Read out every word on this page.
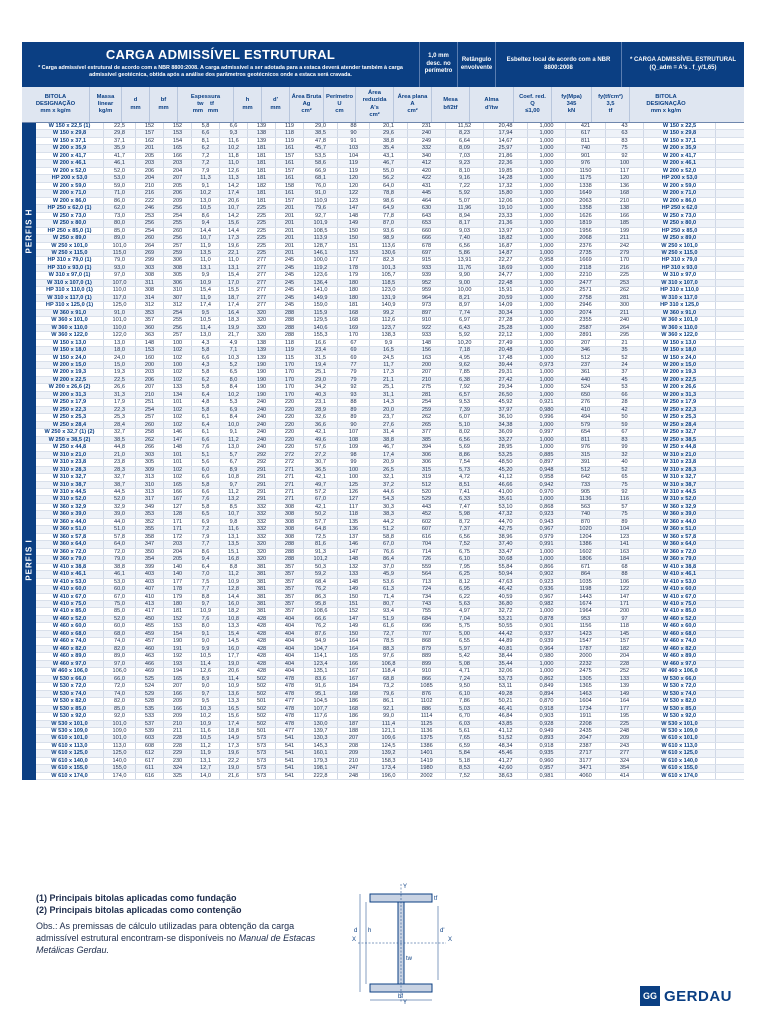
CARGA ADMISSÍVEL ESTRUTURAL
* Carga admissível estrutural de acordo com a NBR 8800:2008. A carga admissível a ser adotada para a estaca deverá atender também à carga admissível geotécnica, obtida após a análise dos parâmetros geotécnicos onde a estaca será cravada.
1,0 mm desc. no perímetro
Retângulo envolvente
Esbeltez local de acordo com a NBR 8800:2008
* CARGA ADMISSÍVEL ESTRUTURAL (Q_adm = A's . f_y/1,65)
BITOLA
DESIGNAÇÃO
mm x kg/m
Massa linear
kg/m
d
mm
bf
mm
Espessura
tw tf
mm mm
h
mm
d'
mm
Área Bruta
Ag
cm²
Perímetro
U
cm
Área reduzida
A's
cm²
Área plana
A
cm²
Mesa
bf/2tf
Alma
d'/tw
Coef. red.
Q
≤1,00
fy(Mpa)
345
kN
fy(tf/cm²)
3,5
tf
BITOLA
DESIGNAÇÃO
mm x kg/m
PERFIS H
W 150 x 22,5 (1)	22,5	152	152	5,8	6,6	139	119	29,0	88	20,1	231	11,52	20,48	1,000	421	43	W 150 x 22,5
W 150 x 29,8	29,8	157	153	6,6	9,3	138	118	38,5	90	29,6	240	8,23	17,94	1,000	617	63	W 150 x 29,8
W 150 x 37,1	37,1	162	154	8,1	11,6	139	119	47,8	91	38,8	249	6,64	14,67	1,000	811	83	W 150 x 37,1
W 200 x 35,9	35,9	201	165	6,2	10,2	181	161	45,7	103	35,4	332	8,09	25,97	1,000	740	75	W 200 x 35,9
W 200 x 41,7	41,7	205	166	7,2	11,8	181	157	53,5	104	43,1	340	7,03	21,86	1,000	901	92	W 200 x 41,7
W 200 x 46,1	46,1	203	203	7,2	11,0	181	161	58,6	119	46,7	412	9,23	22,36	1,000	976	100	W 200 x 46,1
W 200 x 52,0	52,0	206	204	7,9	12,6	181	157	66,9	119	55,0	420	8,10	19,85	1,000	1150	117	W 200 x 52,0
HP 200 x 53,0	53,0	204	207	11,3	11,3	181	161	68,1	120	56,2	422	9,16	14,28	1,000	1175	120	HP 200 x 53,0
W 200 x 59,0	59,0	210	205	9,1	14,2	182	158	76,0	120	64,0	431	7,22	17,32	1,000	1338	136	W 200 x 59,0
W 200 x 71,0	71,0	216	206	10,2	17,4	181	161	91,0	122	78,8	445	5,92	15,80	1,000	1649	168	W 200 x 71,0
W 200 x 86,0	86,0	222	209	13,0	20,6	181	157	110,9	123	98,6	464	5,07	12,06	1,000	2063	210	W 200 x 86,0
HP 250 x 62,0 (1)	62,0	246	256	10,5	10,7	225	201	79,6	147	64,9	630	11,96	19,10	1,000	1358	138	HP 250 x 62,0
W 250 x 73,0	73,0	253	254	8,6	14,2	225	201	92,7	148	77,8	643	8,94	23,33	1,000	1626	166	W 250 x 73,0
W 250 x 80,0	80,0	256	255	9,4	15,6	225	201	101,9	149	87,0	653	8,17	21,36	1,000	1819	185	W 250 x 80,0
HP 250 x 85,0 (1)	85,0	254	260	14,4	14,4	225	201	108,5	150	93,6	660	9,03	13,97	1,000	1956	199	HP 250 x 85,0
W 250 x 89,0	89,0	260	256	10,7	17,3	225	201	113,9	150	98,9	666	7,40	18,82	1,000	2068	211	W 250 x 89,0
W 250 x 101,0	101,0	264	257	11,9	19,6	225	201	128,7	151	113,6	678	6,56	16,87	1,000	2376	242	W 250 x 101,0
W 250 x 115,0	115,0	269	259	13,5	22,1	225	201	146,1	153	130,6	697	5,86	14,87	1,000	2735	279	W 250 x 115,0
HP 310 x 79,0 (1)	79,0	299	306	11,0	11,0	277	245	100,0	177	82,3	915	13,91	22,27	0,958	1669	170	HP 310 x 79,0
HP 310 x 93,0 (1)	93,0	303	308	13,1	13,1	277	245	119,2	178	101,3	933	11,76	18,69	1,000	2118	216	HP 310 x 93,0
W 310 x 97,0 (1)	97,0	308	305	9,9	15,4	277	245	123,6	179	105,7	939	9,90	24,77	1,000	2210	225	W 310 x 97,0
W 310 x 107,0 (1)	107,0	311	306	10,9	17,0	277	245	136,4	180	118,5	952	9,00	22,48	1,000	2477	253	W 310 x 107,0
HP 310 x 110,0 (1)	110,0	308	310	15,4	15,5	277	245	141,0	180	123,0	959	10,00	15,91	1,000	2571	262	HP 310 x 110,0
W 310 x 117,0 (1)	117,0	314	307	11,9	18,7	277	245	149,9	180	131,9	964	8,21	20,59	1,000	2758	281	W 310 x 117,0
HP 310 x 125,0 (1)	125,0	312	312	17,4	17,4	277	245	159,0	181	140,9	973	8,97	14,09	1,000	2946	300	HP 310 x 125,0
W 360 x 91,0	91,0	353	254	9,5	16,4	320	288	115,9	168	99,2	897	7,74	30,34	1,000	2074	211	W 360 x 91,0
W 360 x 101,0	101,0	357	255	10,5	18,3	320	288	129,5	168	112,6	910	6,97	27,28	1,000	2355	240	W 360 x 101,0
W 360 x 110,0	110,0	360	256	11,4	19,9	320	288	140,6	169	123,7	922	6,43	25,28	1,000	2587	264	W 360 x 110,0
W 360 x 122,0	122,0	363	257	13,0	21,7	320	288	155,3	170	138,3	933	5,92	22,12	1,000	2891	295	W 360 x 122,0
PERFIS I
W 150 x 13,0	13,0	148	100	4,3	4,9	138	118	16,6	67	9,9	148	10,20	27,49	1,000	207	21	W 150 x 13,0
W 150 x 18,0	18,0	153	102	5,8	7,1	139	119	23,4	69	16,5	156	7,18	20,48	1,000	346	35	W 150 x 18,0
W 150 x 24,0	24,0	160	102	6,6	10,3	139	115	31,5	69	24,5	163	4,95	17,48	1,000	512	52	W 150 x 24,0
W 200 x 15,0	15,0	200	100	4,3	5,2	190	170	19,4	77	11,7	200	9,62	39,44	0,973	237	24	W 200 x 15,0
W 200 x 19,3	19,3	203	102	5,8	6,5	190	170	25,1	79	17,3	207	7,85	29,31	1,000	361	37	W 200 x 19,3
W 200 x 22,5	22,5	206	102	6,2	8,0	190	170	29,0	79	21,1	210	6,38	27,42	1,000	440	45	W 200 x 22,5
W 200 x 26,6 (2)	26,6	207	133	5,8	8,4	190	170	34,2	92	25,1	275	7,92	29,34	1,000	524	53	W 200 x 26,6
W 200 x 31,3	31,3	210	134	6,4	10,2	190	170	40,3	93	31,1	281	6,57	26,50	1,000	650	66	W 200 x 31,3
W 250 x 17,9	17,9	251	101	4,8	5,3	240	220	23,1	88	14,3	254	9,53	45,92	0,921	276	28	W 250 x 17,9
W 250 x 22,3	22,3	254	102	5,8	6,9	240	220	28,9	89	20,0	259	7,39	37,97	0,980	410	42	W 250 x 22,3
W 250 x 25,3	25,3	257	102	6,1	8,4	240	220	32,6	89	23,7	262	6,07	36,10	0,996	494	50	W 250 x 25,3
W 250 x 28,4	28,4	260	102	6,4	10,0	240	220	36,6	90	27,6	265	5,10	34,38	1,000	579	59	W 250 x 28,4
W 250 x 32,7 (1) (2)	32,7	258	146	6,1	9,1	240	220	42,1	107	31,4	377	8,02	36,09	0,997	654	67	W 250 x 32,7
W 250 x 38,5 (2)	38,5	262	147	6,6	11,2	240	220	49,6	108	38,8	385	6,56	33,27	1,000	811	83	W 250 x 38,5
W 250 x 44,8	44,8	266	148	7,6	13,0	240	220	57,6	109	46,7	394	5,69	28,95	1,000	976	99	W 250 x 44,8
W 310 x 21,0	21,0	303	101	5,1	5,7	292	272	27,2	98	17,4	306	8,86	53,25	0,885	315	32	W 310 x 21,0
W 310 x 23,8	23,8	305	101	5,6	6,7	292	272	30,7	99	20,9	306	7,54	48,50	0,897	391	40	W 310 x 23,8
W 310 x 28,3	28,3	309	102	6,0	8,9	291	271	36,5	100	26,5	315	5,73	45,20	0,948	512	52	W 310 x 28,3
W 310 x 32,7	32,7	313	102	6,6	10,8	291	271	42,1	100	32,1	319	4,72	41,12	0,958	642	65	W 310 x 32,7
W 310 x 38,7	38,7	310	165	5,8	9,7	291	271	49,7	125	37,2	512	8,51	46,66	0,942	733	75	W 310 x 38,7
W 310 x 44,5	44,5	313	166	6,6	11,2	291	271	57,2	126	44,6	520	7,41	41,00	0,970	905	92	W 310 x 44,5
W 310 x 52,0	52,0	317	167	7,6	13,2	291	271	67,0	127	54,3	529	6,33	35,61	1,000	1136	116	W 310 x 52,0
W 360 x 32,9	32,9	349	127	5,8	8,5	332	308	42,1	117	30,3	443	7,47	53,10	0,868	563	57	W 360 x 32,9
W 360 x 39,0	39,0	353	128	6,5	10,7	332	308	50,2	118	38,3	452	5,98	47,32	0,923	740	75	W 360 x 39,0
W 360 x 44,0	44,0	352	171	6,9	9,8	332	308	57,7	135	44,2	602	8,72	44,70	0,943	870	89	W 360 x 44,0
W 360 x 51,0	51,0	355	171	7,2	11,6	332	308	64,8	136	51,2	607	7,37	42,75	0,967	1020	104	W 360 x 51,0
W 360 x 57,8	57,8	358	172	7,9	13,1	332	308	72,5	137	58,8	616	6,56	38,96	0,979	1204	123	W 360 x 57,8
W 360 x 64,0	64,0	347	203	7,7	13,5	320	288	81,6	146	67,0	704	7,52	37,40	0,991	1386	141	W 360 x 64,0
W 360 x 72,0	72,0	350	204	8,6	15,1	320	288	91,3	147	76,6	714	6,75	33,47	1,000	1602	163	W 360 x 72,0
W 360 x 79,0	79,0	354	205	9,4	16,8	320	288	101,2	148	86,4	726	6,10	30,68	1,000	1806	184	W 360 x 79,0
W 410 x 38,8	38,8	399	140	6,4	8,8	381	357	50,3	132	37,0	559	7,95	55,84	0,866	671	68	W 410 x 38,8
W 410 x 46,1	46,1	403	140	7,0	11,2	381	357	59,2	133	45,9	564	6,25	50,94	0,902	864	88	W 410 x 46,1
W 410 x 53,0	53,0	403	177	7,5	10,9	381	357	68,4	148	53,6	713	8,12	47,63	0,923	1035	106	W 410 x 53,0
W 410 x 60,0	60,0	407	178	7,7	12,8	381	357	76,2	149	61,3	724	6,95	46,42	0,936	1198	122	W 410 x 60,0
W 410 x 67,0	67,0	410	179	8,8	14,4	381	357	86,3	150	71,4	734	6,22	40,59	0,967	1443	147	W 410 x 67,0
W 410 x 75,0	75,0	413	180	9,7	16,0	381	357	95,8	151	80,7	743	5,63	36,80	0,982	1674	171	W 410 x 75,0
W 410 x 85,0	85,0	417	181	10,9	18,2	381	357	108,6	152	93,4	755	4,97	32,72	1,000	1964	200	W 410 x 85,0
W 460 x 52,0	52,0	450	152	7,6	10,8	428	404	66,6	147	51,9	684	7,04	53,21	0,878	953	97	W 460 x 52,0
W 460 x 60,0	60,0	455	153	8,0	13,3	428	404	76,2	149	61,6	696	5,75	50,55	0,901	1156	118	W 460 x 60,0
W 460 x 68,0	68,0	459	154	9,1	15,4	428	404	87,6	150	72,7	707	5,00	44,42	0,937	1423	145	W 460 x 68,0
W 460 x 74,0	74,0	457	190	9,0	14,5	428	404	94,9	164	78,5	868	6,55	44,89	0,939	1547	157	W 460 x 74,0
W 460 x 82,0	82,0	460	191	9,9	16,0	428	404	104,7	164	88,3	879	5,97	40,81	0,964	1787	182	W 460 x 82,0
W 460 x 89,0	89,0	463	192	10,5	17,7	428	404	114,1	165	97,6	889	5,42	38,44	0,980	2000	204	W 460 x 89,0
W 460 x 97,0	97,0	466	193	11,4	19,0	428	404	123,4	166	106,8	899	5,08	35,44	1,000	2232	228	W 460 x 97,0
W 460 x 106,0	106,0	469	194	12,6	20,6	428	404	135,1	167	118,4	910	4,71	32,06	1,000	2475	252	W 460 x 106,0
W 530 x 66,0	66,0	525	165	8,9	11,4	502	478	83,6	167	68,8	866	7,24	53,73	0,862	1305	133	W 530 x 66,0
W 530 x 72,0	72,0	524	207	9,0	10,9	502	478	91,6	184	73,2	1085	9,50	53,11	0,849	1365	139	W 530 x 72,0
W 530 x 74,0	74,0	529	166	9,7	13,6	502	478	95,1	168	79,6	876	6,10	49,28	0,894	1463	149	W 530 x 74,0
W 530 x 82,0	82,0	528	209	9,5	13,3	501	477	104,5	186	86,1	1102	7,86	50,21	0,870	1604	164	W 530 x 82,0
W 530 x 85,0	85,0	535	166	10,3	16,5	502	478	107,7	168	92,1	886	5,03	46,41	0,918	1734	177	W 530 x 85,0
W 530 x 92,0	92,0	533	209	10,2	15,6	502	478	117,6	186	99,0	1114	6,70	46,84	0,903	1911	195	W 530 x 92,0
W 530 x 101,0	101,0	537	210	10,9	17,4	502	478	130,0	187	111,4	1125	6,03	43,85	0,928	2208	225	W 530 x 101,0
W 530 x 109,0	109,0	539	211	11,6	18,8	501	477	139,7	188	121,1	1136	5,61	41,12	0,949	2435	248	W 530 x 109,0
W 610 x 101,0	101,0	603	228	10,5	14,9	573	541	130,3	207	109,6	1375	7,65	51,52	0,893	2047	209	W 610 x 101,0
W 610 x 113,0	113,0	608	228	11,2	17,3	573	541	145,3	208	124,5	1386	6,59	48,34	0,918	2387	243	W 610 x 113,0
W 610 x 125,0	125,0	612	229	11,9	19,6	573	541	160,1	209	139,2	1401	5,84	45,46	0,935	2717	277	W 610 x 125,0
W 610 x 140,0	140,0	617	230	13,1	22,2	573	541	179,3	210	158,3	1419	5,18	41,27	0,960	3177	324	W 610 x 140,0
W 610 x 155,0	155,0	611	324	12,7	19,0	573	541	198,1	247	173,4	1980	8,53	42,60	0,957	3471	354	W 610 x 155,0
W 610 x 174,0	174,0	616	325	14,0	21,6	573	541	222,8	248	196,0	2002	7,52	38,63	0,981	4060	414	W 610 x 174,0
(1) Principais bitolas aplicadas como fundação
(2) Principais bitolas aplicadas como contenção
Obs.: As premissas de cálculo utilizadas para obtenção da carga admissível estrutural encontram-se disponíveis no Manual de Estacas Metálicas Gerdau.
Y
Y
X	X
bf
tf
tw
d h	d'
GG GERDAU
